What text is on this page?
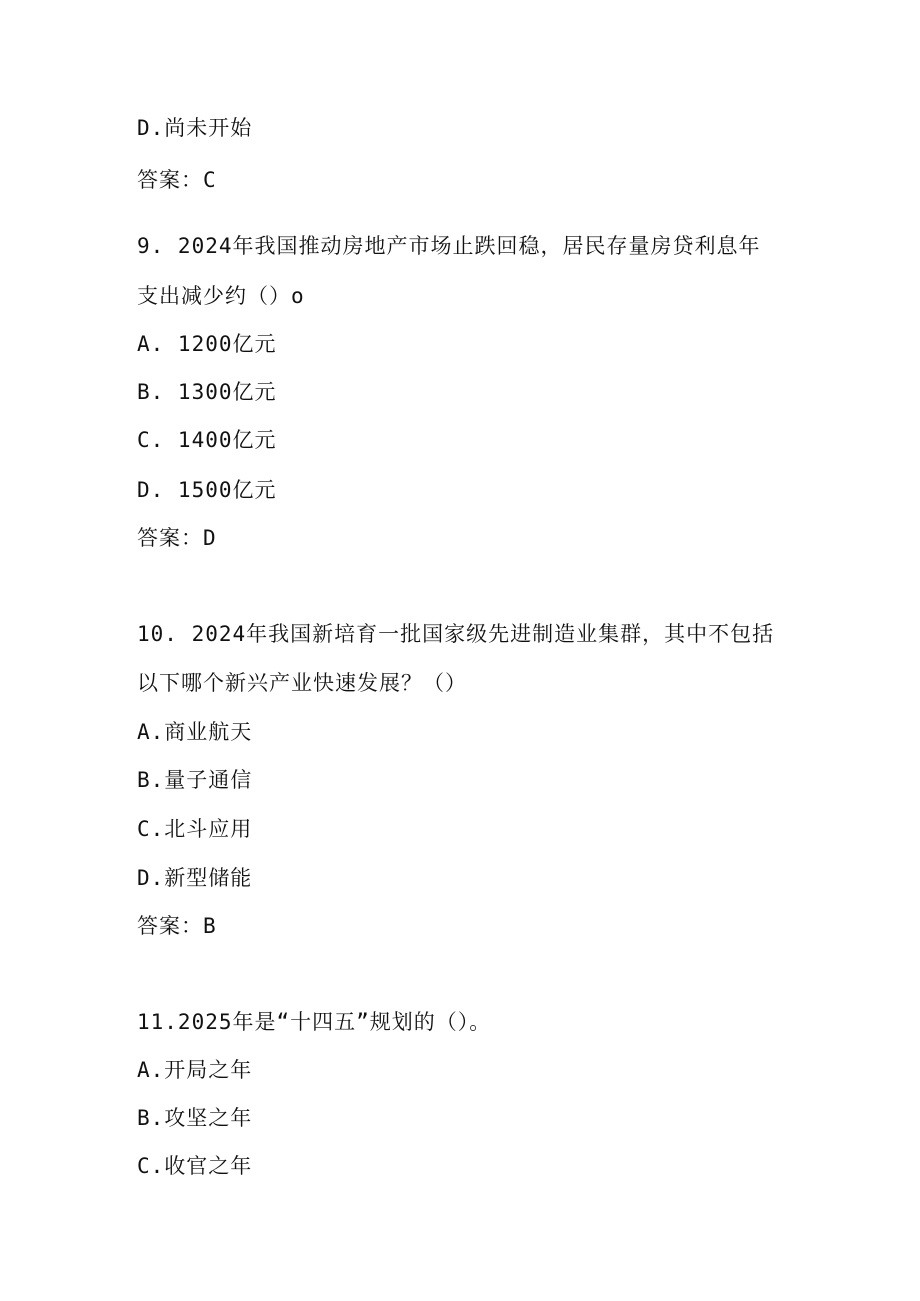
D.尚未开始
答案：C
9. 2024年我国推动房地产市场止跌回稳，居民存量房贷利息年
支出减少约（）o
A. 1200亿元
B. 1300亿元
C. 1400亿元
D. 1500亿元
答案：D
10. 2024年我国新培育一批国家级先进制造业集群，其中不包括
以下哪个新兴产业快速发展？（）
A.商业航天
B.量子通信
C.北斗应用
D.新型储能
答案：B
11.2025年是“十四五”规划的（）。
A.开局之年
B.攻坚之年
C.收官之年
